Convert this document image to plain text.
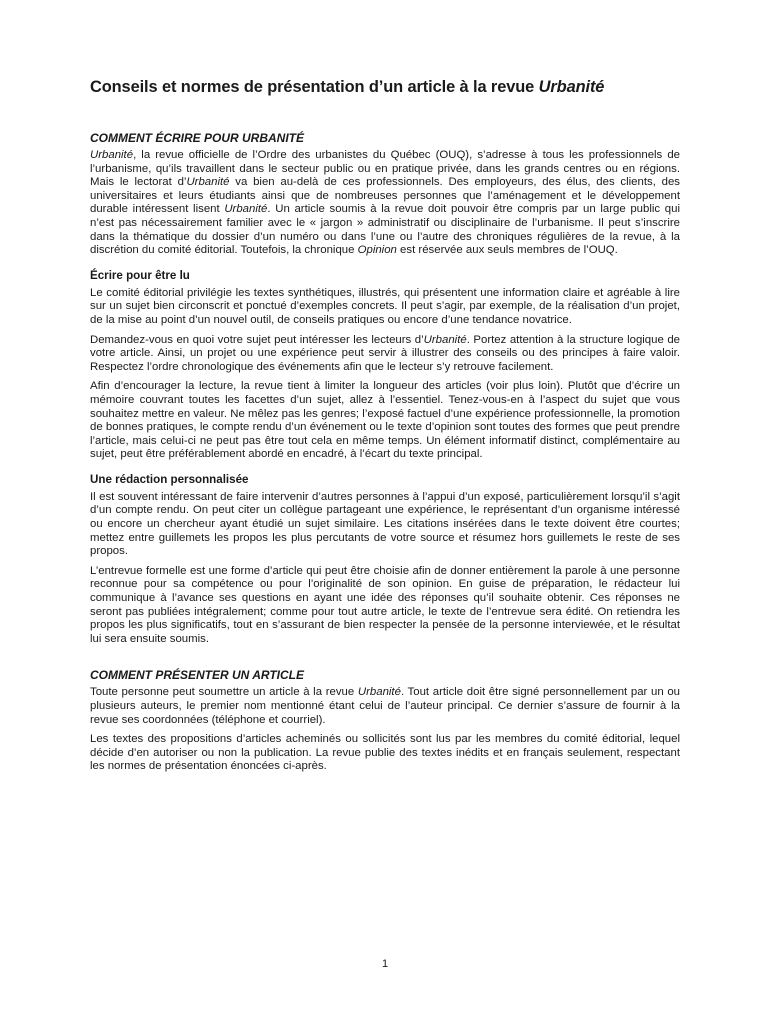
Conseils et normes de présentation d’un article à la revue Urbanité
COMMENT ÉCRIRE POUR URBANITÉ

Urbanité, la revue officielle de l’Ordre des urbanistes du Québec (OUQ), s’adresse à tous les professionnels de l’urbanisme, qu’ils travaillent dans le secteur public ou en pratique privée, dans les grands centres ou en régions. Mais le lectorat d’Urbanité va bien au-delà de ces professionnels. Des employeurs, des élus, des clients, des universitaires et leurs étudiants ainsi que de nombreuses personnes que l’aménagement et le développement durable intéressent lisent Urbanité. Un article soumis à la revue doit pouvoir être compris par un large public qui n’est pas nécessairement familier avec le « jargon » administratif ou disciplinaire de l’urbanisme. Il peut s’inscrire dans la thématique du dossier d’un numéro ou dans l’une ou l’autre des chroniques régulières de la revue, à la discrétion du comité éditorial. Toutefois, la chronique Opinion est réservée aux seuls membres de l’OUQ.

Écrire pour être lu

Le comité éditorial privilégie les textes synthétiques, illustrés, qui présentent une information claire et agréable à lire sur un sujet bien circonscrit et ponctué d’exemples concrets. Il peut s’agir, par exemple, de la réalisation d’un projet, de la mise au point d’un nouvel outil, de conseils pratiques ou encore d’une tendance novatrice.

Demandez-vous en quoi votre sujet peut intéresser les lecteurs d’Urbanité. Portez attention à la structure logique de votre article. Ainsi, un projet ou une expérience peut servir à illustrer des conseils ou des principes à faire valoir. Respectez l’ordre chronologique des événements afin que le lecteur s’y retrouve facilement.

Afin d’encourager la lecture, la revue tient à limiter la longueur des articles (voir plus loin). Plutôt que d’écrire un mémoire couvrant toutes les facettes d’un sujet, allez à l’essentiel. Tenez-vous-en à l’aspect du sujet que vous souhaitez mettre en valeur. Ne mêlez pas les genres; l’exposé factuel d’une expérience professionnelle, la promotion de bonnes pratiques, le compte rendu d’un événement ou le texte d’opinion sont toutes des formes que peut prendre l’article, mais celui-ci ne peut pas être tout cela en même temps. Un élément informatif distinct, complémentaire au sujet, peut être préférablement abordé en encadré, à l’écart du texte principal.

Une rédaction personnalisée

Il est souvent intéressant de faire intervenir d’autres personnes à l’appui d’un exposé, particulièrement lorsqu’il s’agit d’un compte rendu. On peut citer un collègue partageant une expérience, le représentant d’un organisme intéressé ou encore un chercheur ayant étudié un sujet similaire. Les citations insérées dans le texte doivent être courtes; mettez entre guillemets les propos les plus percutants de votre source et résumez hors guillemets le reste de ses propos.

L’entrevue formelle est une forme d’article qui peut être choisie afin de donner entièrement la parole à une personne reconnue pour sa compétence ou pour l’originalité de son opinion. En guise de préparation, le rédacteur lui communique à l’avance ses questions en ayant une idée des réponses qu’il souhaite obtenir. Ces réponses ne seront pas publiées intégralement; comme pour tout autre article, le texte de l’entrevue sera édité. On retiendra les propos les plus significatifs, tout en s’assurant de bien respecter la pensée de la personne interviewée, et le résultat lui sera ensuite soumis.

COMMENT PRÉSENTER UN ARTICLE

Toute personne peut soumettre un article à la revue Urbanité. Tout article doit être signé personnellement par un ou plusieurs auteurs, le premier nom mentionné étant celui de l’auteur principal. Ce dernier s’assure de fournir à la revue ses coordonnées (téléphone et courriel).

Les textes des propositions d’articles acheminés ou sollicités sont lus par les membres du comité éditorial, lequel décide d’en autoriser ou non la publication. La revue publie des textes inédits et en français seulement, respectant les normes de présentation énoncées ci-après.

1
